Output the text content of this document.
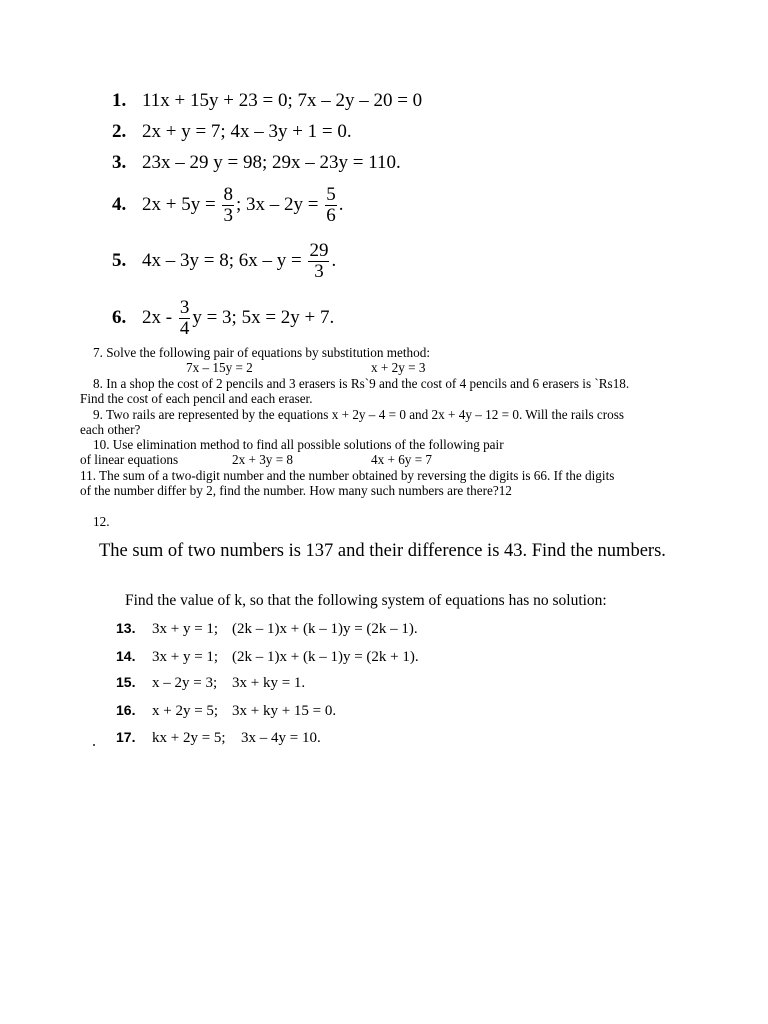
1. 11x + 15y + 23 = 0; 7x – 2y – 20 = 0
2. 2x + y = 7; 4x – 3y + 1 = 0.
3. 23x – 29 y = 98; 29x – 23y = 110.
4. $2x + 5y = \frac{8}{3}$ ; $3x - 2y = \frac{5}{6}$ .
5. 4x – 3y = 8; $6x - y = \frac{29}{3}$ .
6. $2x - \frac{3}{4}$ y = 3; 5x = 2y + 7.
7. Solve the following pair of equations by substitution method:
7x – 15y = 2	x + 2y = 3
8. In a shop the cost of 2 pencils and 3 erasers is Rs`9 and the cost of 4 pencils and 6 erasers is `Rs18.
Find the cost of each pencil and each eraser.
9. Two rails are represented by the equations x + 2y – 4 = 0 and 2x + 4y – 12 = 0. Will the rails cross
each other?
10. Use elimination method to find all possible solutions of the following pair
of linear equations	2x + 3y = 8	4x + 6y = 7
11. The sum of a two-digit number and the number obtained by reversing the digits is 66. If the digits
of the number differ by 2, find the number. How many such numbers are there?12
12.
The sum of two numbers is 137 and their difference is 43. Find the numbers.
Find the value of k, so that the following system of equations has no solution:
13. 3x + y = 1; (2k – 1)x + (k – 1)y = (2k – 1).
14. 3x + y = 1; (2k – 1)x + (k – 1)y = (2k + 1).
15. x – 2y = 3; 3x + ky = 1.
16. x + 2y = 5; 3x + ky + 15 = 0.
17. kx + 2y = 5; 3x – 4y = 10.
